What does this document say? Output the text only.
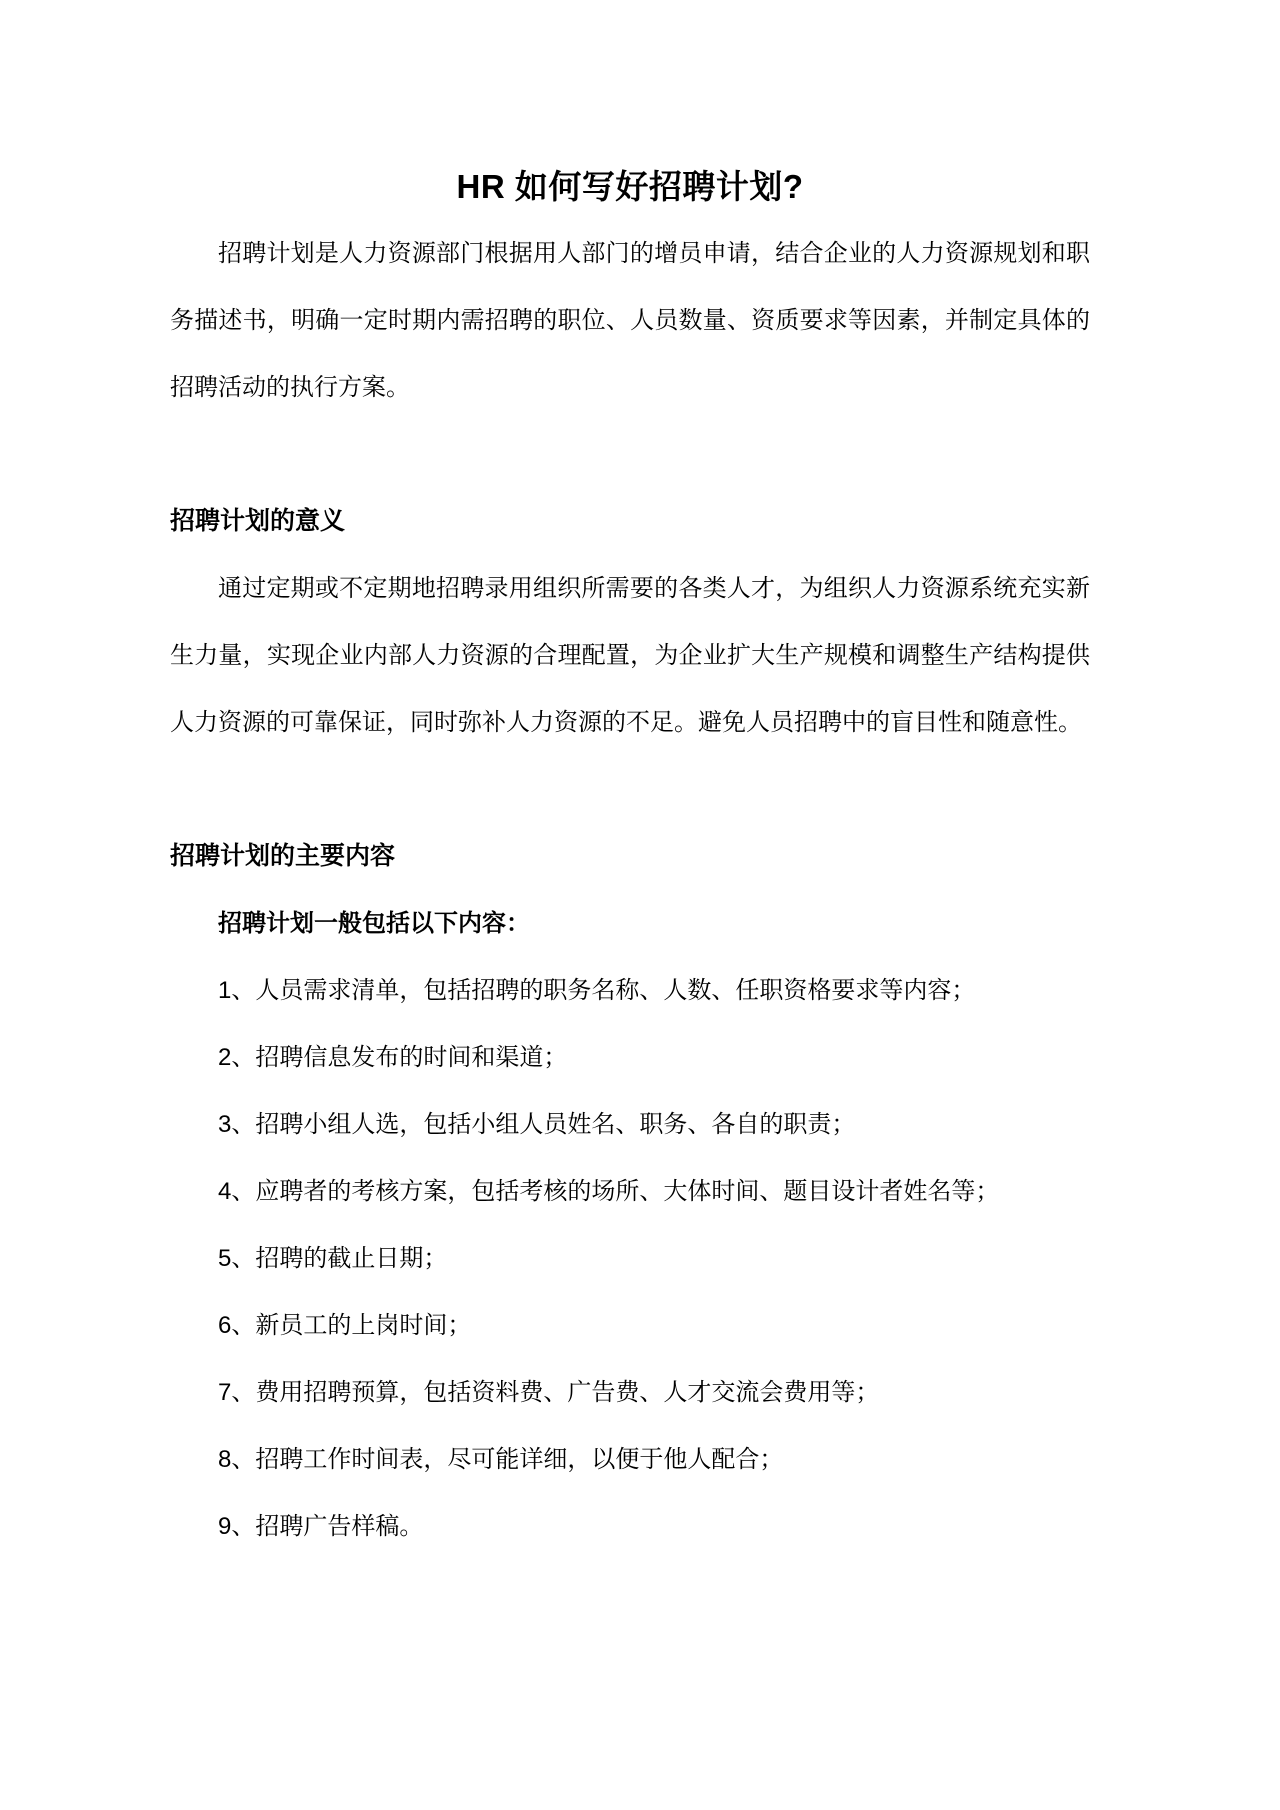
HR 如何写好招聘计划?

招聘计划是人力资源部门根据用人部门的增员申请，结合企业的人力资源规划和职务描述书，明确一定时期内需招聘的职位、人员数量、资质要求等因素，并制定具体的招聘活动的执行方案。

招聘计划的意义

通过定期或不定期地招聘录用组织所需要的各类人才，为组织人力资源系统充实新生力量，实现企业内部人力资源的合理配置，为企业扩大生产规模和调整生产结构提供人力资源的可靠保证，同时弥补人力资源的不足。避免人员招聘中的盲目性和随意性。

招聘计划的主要内容

招聘计划一般包括以下内容：

1、人员需求清单，包括招聘的职务名称、人数、任职资格要求等内容；

2、招聘信息发布的时间和渠道；

3、招聘小组人选，包括小组人员姓名、职务、各自的职责；

4、应聘者的考核方案，包括考核的场所、大体时间、题目设计者姓名等；

5、招聘的截止日期；

6、新员工的上岗时间；

7、费用招聘预算，包括资料费、广告费、人才交流会费用等；

8、招聘工作时间表，尽可能详细，以便于他人配合；

9、招聘广告样稿。
